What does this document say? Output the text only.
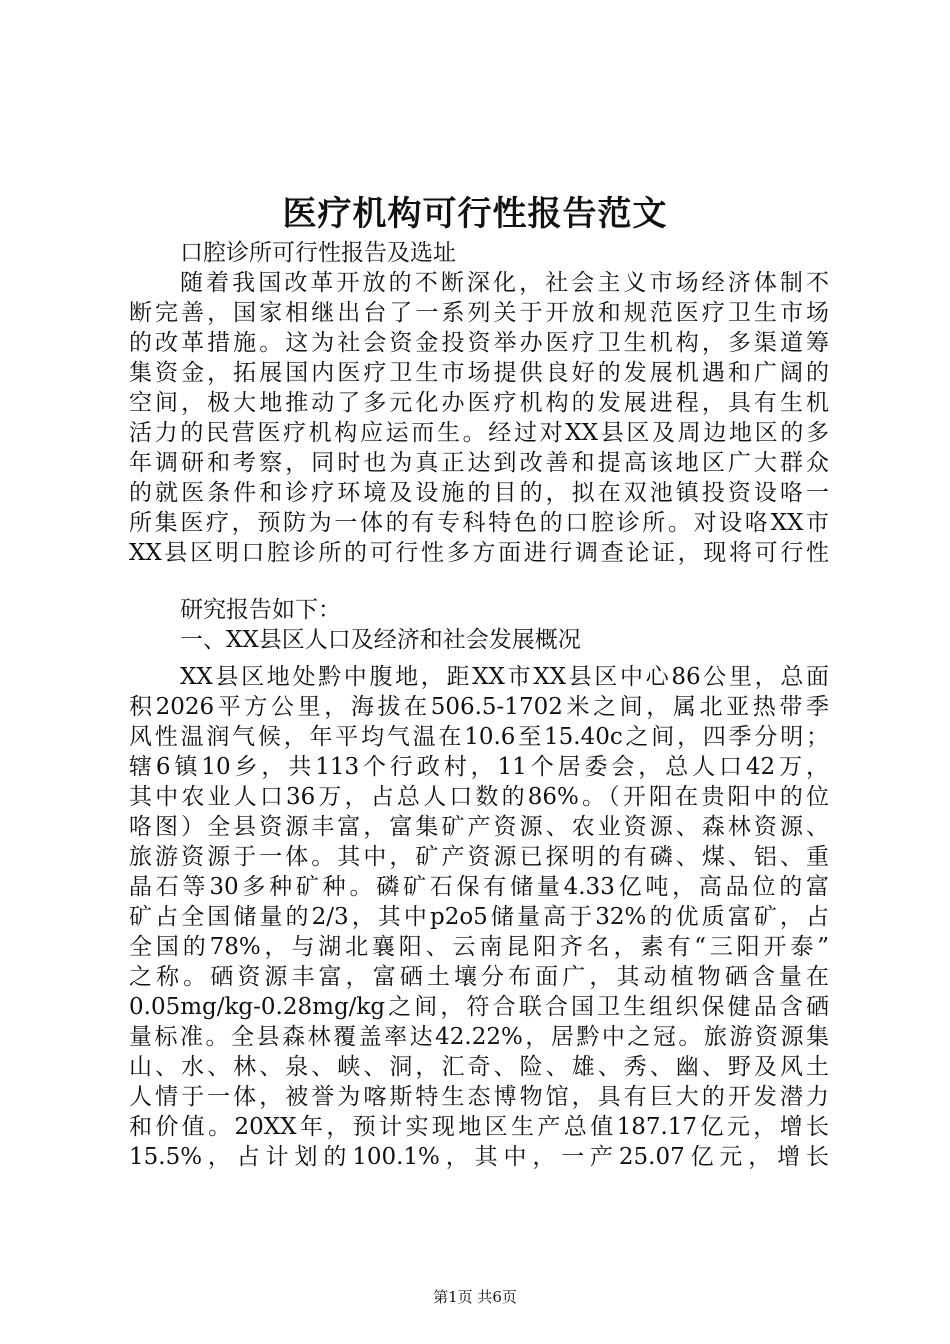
医疗机构可行性报告范文
口腔诊所可行性报告及选址
随着我国改革开放的不断深化，社会主义市场经济体制不
断完善，国家相继出台了一系列关于开放和规范医疗卫生市场
的改革措施。这为社会资金投资举办医疗卫生机构，多渠道筹
集资金，拓展国内医疗卫生市场提供良好的发展机遇和广阔的
空间，极大地推动了多元化办医疗机构的发展进程，具有生机
活力的民营医疗机构应运而生。经过对XX县区及周边地区的多
年调研和考察，同时也为真正达到改善和提高该地区广大群众
的就医条件和诊疗环境及设施的目的，拟在双池镇投资设咯一
所集医疗，预防为一体的有专科特色的口腔诊所。对设咯XX市
XX县区明口腔诊所的可行性多方面进行调查论证，现将可行性
研究报告如下：
一、XX县区人口及经济和社会发展概况
XX县区地处黔中腹地，距XX市XX县区中心86公里，总面
积2026平方公里，海拔在506.5-1702米之间，属北亚热带季
风性温润气候，年平均气温在10.6至15.40c之间，四季分明；
辖6镇10乡，共113个行政村，11个居委会，总人口42万，
其中农业人口36万，占总人口数的86%。（开阳在贵阳中的位
咯图）全县资源丰富，富集矿产资源、农业资源、森林资源、
旅游资源于一体。其中，矿产资源已探明的有磷、煤、铝、重
晶石等30多种矿种。磷矿石保有储量4.33亿吨，高品位的富
矿占全国储量的2/3，其中p2o5储量高于32%的优质富矿，占
全国的78%，与湖北襄阳、云南昆阳齐名，素有“三阳开泰”
之称。硒资源丰富，富硒土壤分布面广，其动植物硒含量在
0.05mg/kg-0.28mg/kg之间，符合联合国卫生组织保健品含硒
量标准。全县森林覆盖率达42.22%，居黔中之冠。旅游资源集
山、水、林、泉、峡、洞，汇奇、险、雄、秀、幽、野及风土
人情于一体，被誉为喀斯特生态博物馆，具有巨大的开发潜力
和价值。20XX年，预计实现地区生产总值187.17亿元，增长
15.5%，占计划的100.1%，其中，一产25.07亿元，增长
第1页 共6页
